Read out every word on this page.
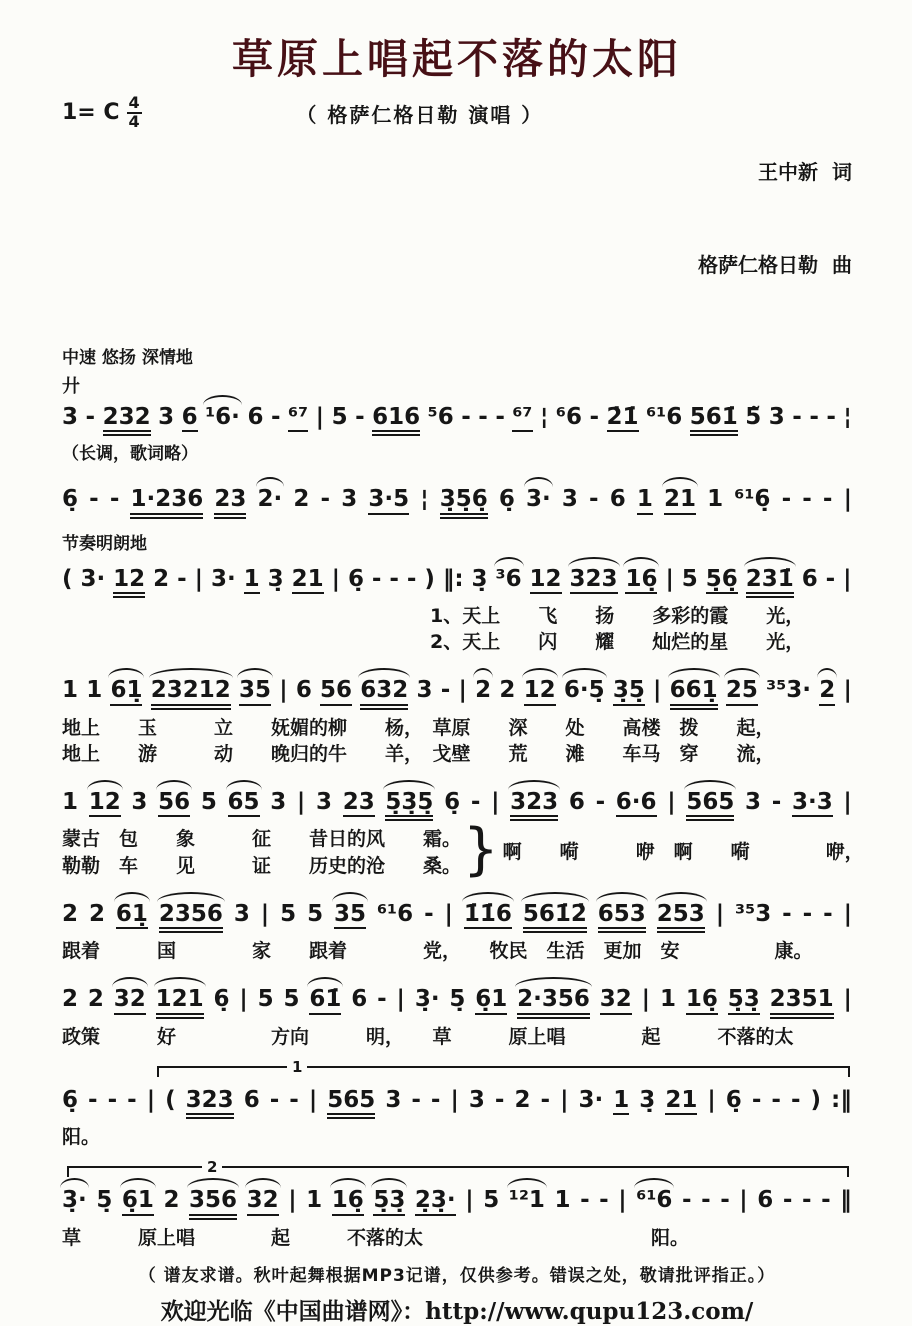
草原上唱起不落的太阳
1= C $\frac{4}{4}$	（ 格萨仁格日勒 演唱 ）

王中新  词

格萨仁格日勒  曲

中速 悠扬 深情地
廾
3 - 232 3 6 ¹6· 6 - ⁶⁷ | 5 - 616 ⁵6 - - - ⁶⁷ ¦ ⁶6 - 2̇1̇ ⁶¹6 561̇ 5̃ 3 - - - ¦
（长调，歌词略）
6̣ - - 1·236 23 2· 2 - 3 3·5 ¦ 3̣5̣6̣ 6̣ 3· 3 - 6 1 21 1 ⁶¹6̣ - - - |
节奏明朗地
( 3· 12 2 - | 3· 1 3̣ 21 | 6̣ - - - ) ‖: 3̣ ³6 12 323 16̣ | 5 5̣6̣ 231̇ 6 - |
1、天上　　飞　　扬　　多彩的霞　　光，
2、天上　　闪　　耀　　灿烂的星　　光，
1 1 61̣ 23212 35 | 6 56 632 3 - | 2 2 12 6·5̣ 3̣5̣ | 661̣ 25 ³⁵3· 2 |
地上　　玉　　　立　　妩媚的柳　　杨，　草原　　深　　处　　高楼　拨　　起，
地上　　游　　　动　　晚归的牛　　羊，　戈壁　　荒　　滩　　车马　穿　　流，
1 12 3 56 5 65 3 | 3 23 5̣3̣5̣ 6̣ - | 323 6 - 6·6 | 565 3 - 3·3 |
蒙古　包　　象　　　征　　昔日的风　　霜。
勒勒　车　　见　　　证　　历史的沧　　桑。 } 啊　　嗬　　　咿　啊　　嗬　　　　咿，
2 2 61̣ 2356 3 | 5 5 35 ⁶¹6 - | 1̇1̇6 561̇2̇ 653 253 | ³⁵3 - - - |
跟着　　　国　　　　家　　跟着　　　　党，　　牧民　生活　更加　安　　　　　康。
2 2 32 121 6̣ | 5 5 61̇ 6 - | 3̣· 5̣ 6̣1 2·356 32 | 1 16̣ 5̣3̣ 2351 |
政策　　　好　　　　　方向　　　明，　　草　　　原上唱　　　　起　　　不落的太
1
6̣ - - - | ( 323 6 - - | 565 3 - - | 3 - 2 - | 3· 1 3̣ 21 | 6̣ - - - ) :‖
阳。
2
3̣· 5̣ 6̣1 2 356 32 | 1 16̣ 5̣3̣ 2̣3̣· | 5 ¹²1 1 - - | ⁶¹6 - - - | 6 - - - ‖
草　　　原上唱　　　　起　　　不落的太　　　　　　　　　　　　阳。
（ 谱友求谱。秋叶起舞根据MP3记谱，仅供参考。错误之处，敬请批评指正。）
欢迎光临《中国曲谱网》：http://www.qupu123.com/
